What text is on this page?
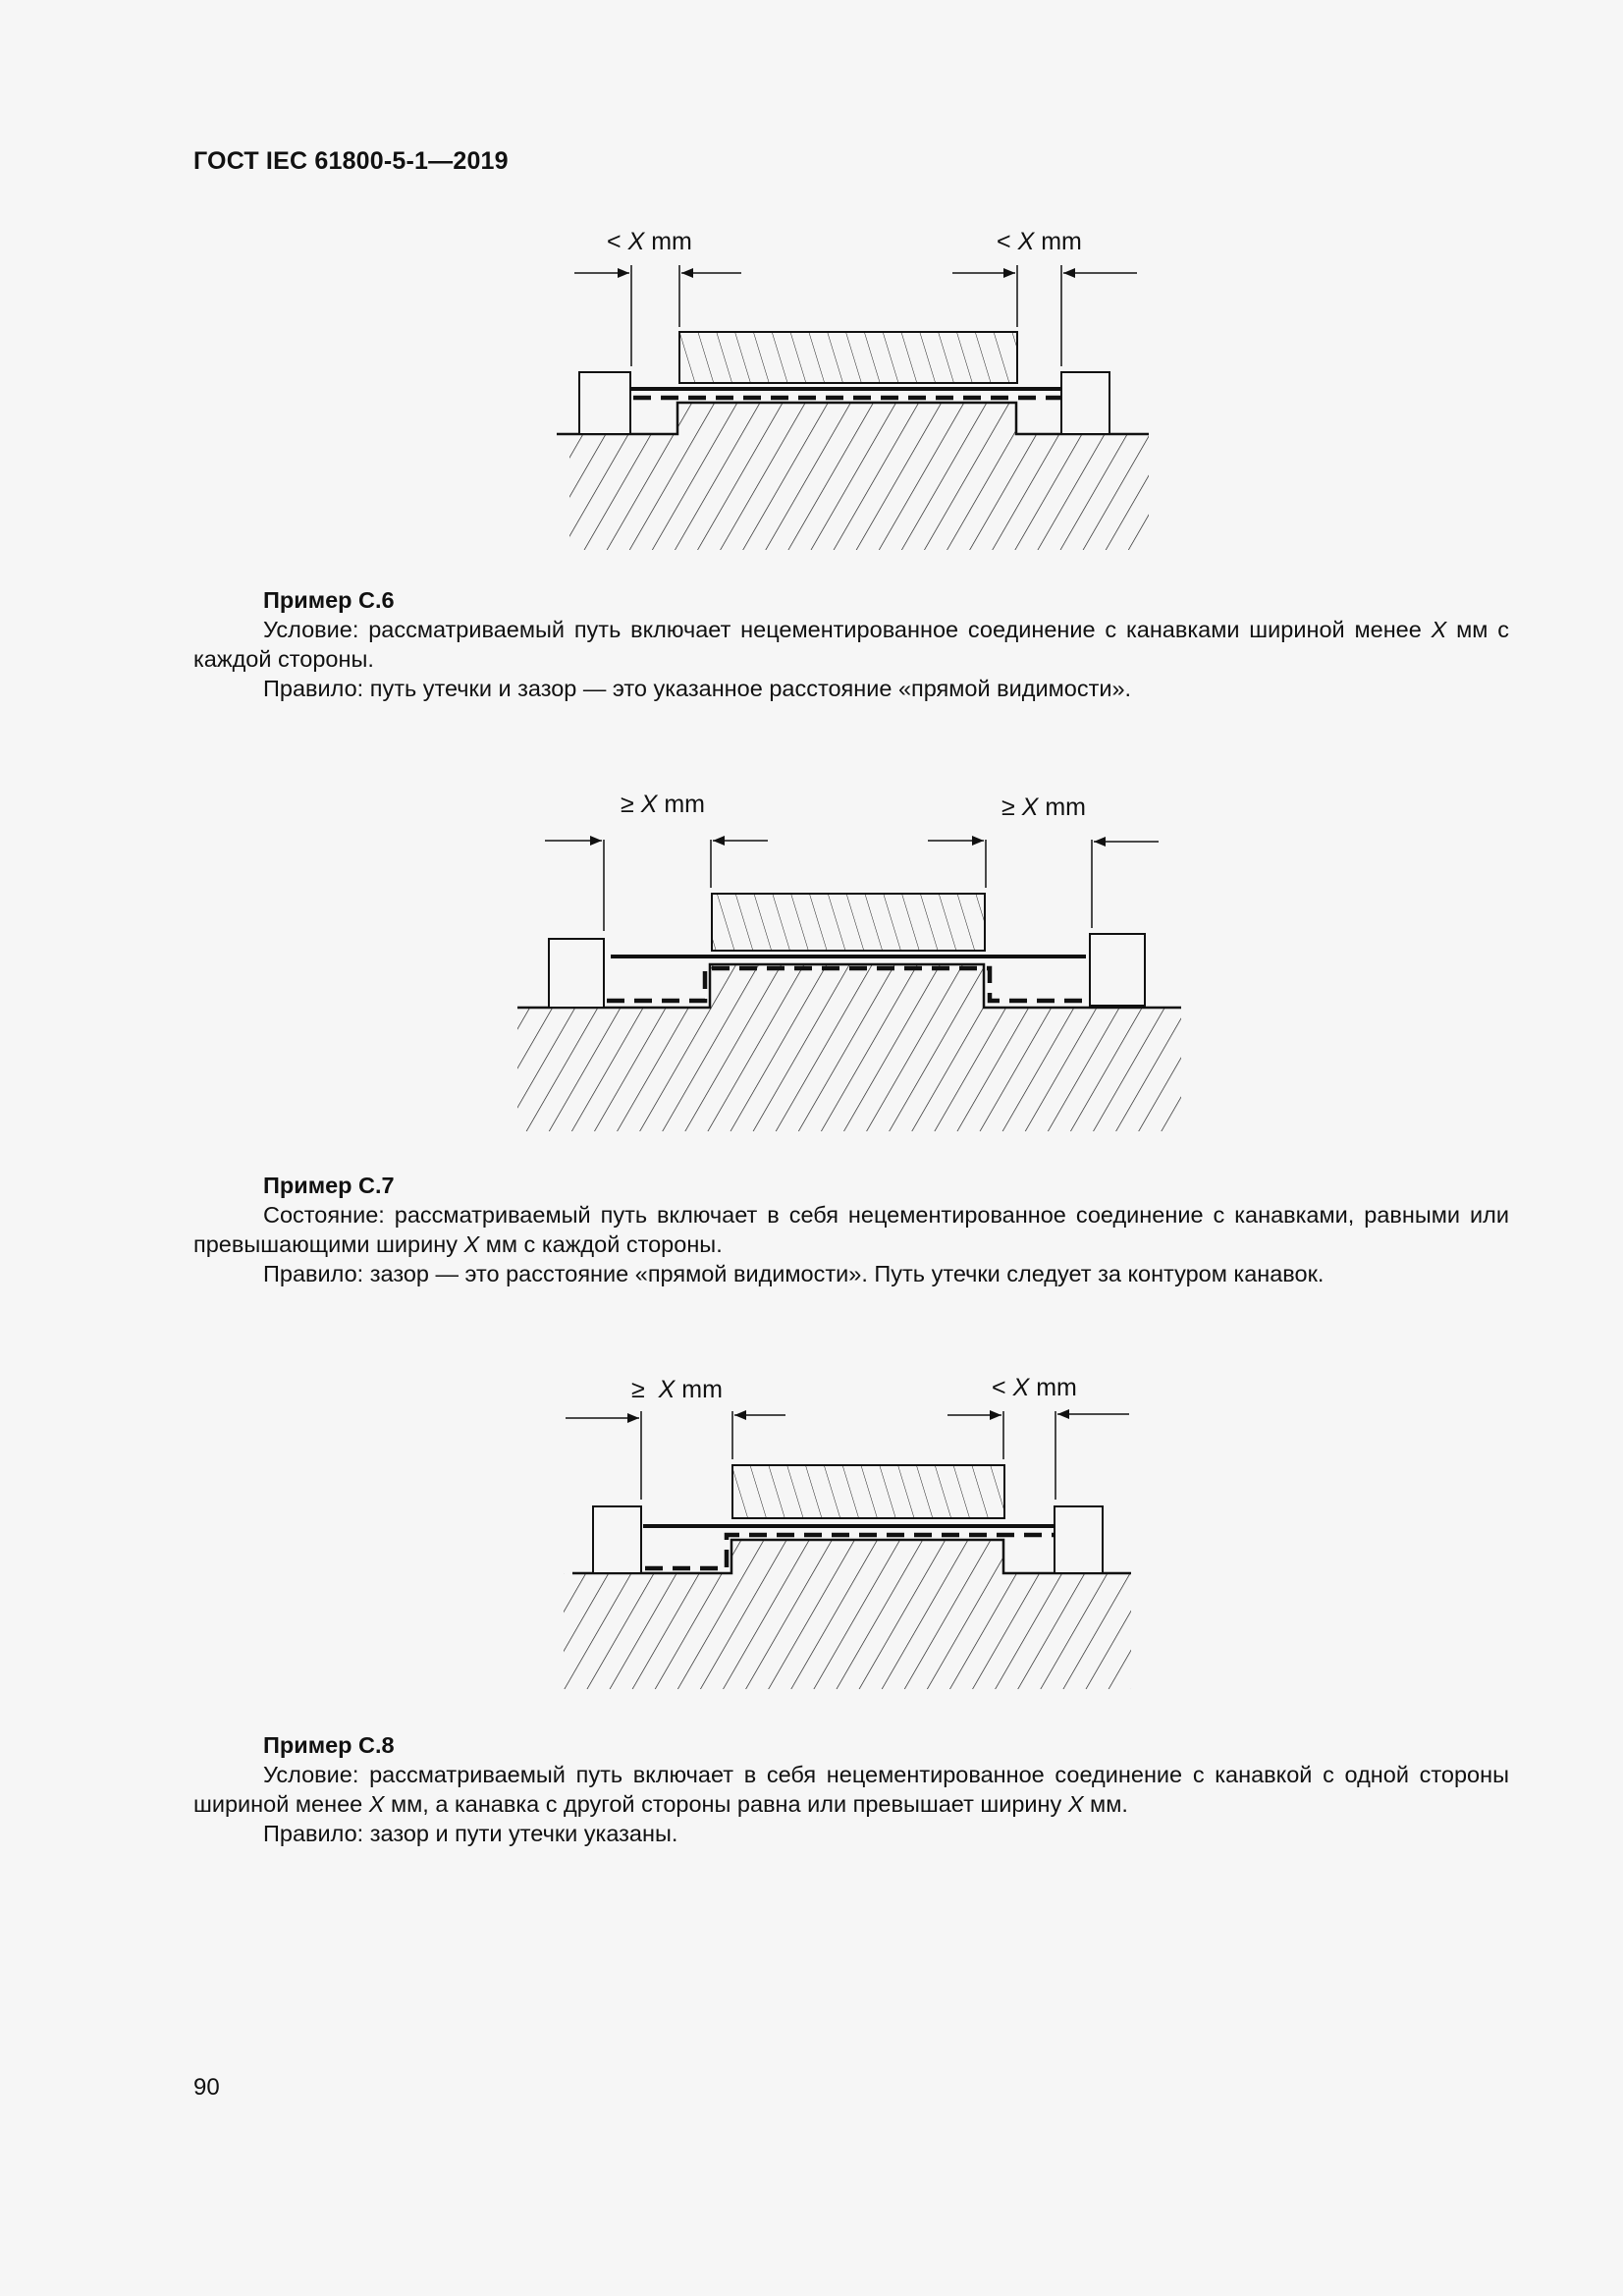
ГОСТ IEC 61800-5-1—2019
< X mm	< X mm

Пример C.6

Условие: рассматриваемый путь включает нецементированное соединение с канавками шириной менее X мм с каждой стороны.

Правило: путь утечки и зазор — это указанное расстояние «прямой видимости».

≥ X mm	≥ X mm

Пример C.7

Состояние: рассматриваемый путь включает в себя нецементированное соединение с канавками, равными или превышающими ширину X мм с каждой стороны.

Правило: зазор — это расстояние «прямой видимости». Путь утечки следует за контуром канавок.

≥ X mm	< X mm

Пример C.8

Условие: рассматриваемый путь включает в себя нецементированное соединение с канавкой с одной стороны шириной менее X мм, а канавка с другой стороны равна или превышает ширину X мм.

Правило: зазор и пути утечки указаны.

90
